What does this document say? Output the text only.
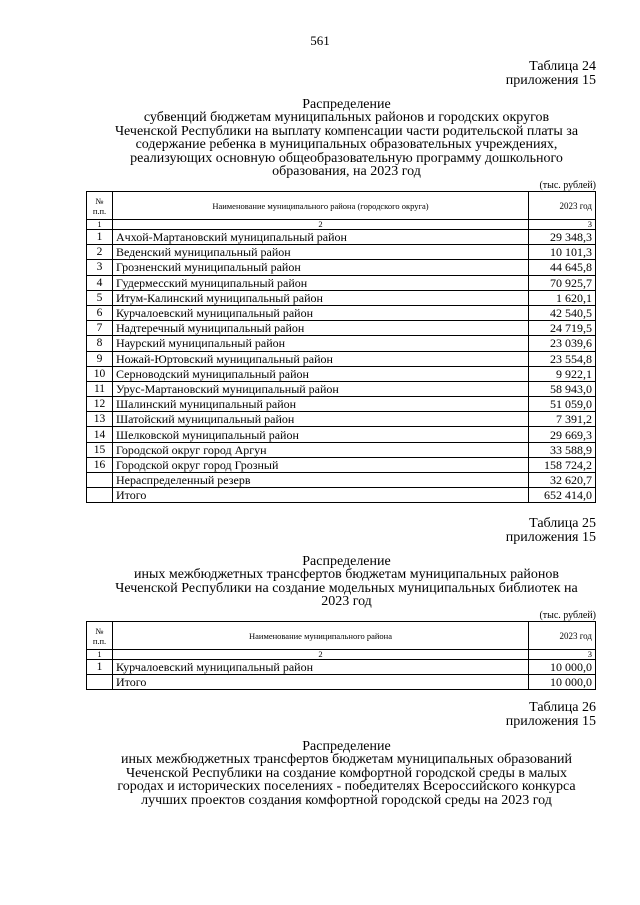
561
Таблица 24
приложения 15
Распределение
субвенций бюджетам муниципальных районов и городских округов
Чеченской Республики на выплату компенсации части родительской платы за
содержание ребенка в муниципальных образовательных учреждениях,
реализующих основную общеобразовательную программу дошкольного
образования, на 2023 год
(тыс. рублей)
№
п.п.	Наименование муниципального района (городского округа)	2023 год
1	2	3
1	Ачхой-Мартановский муниципальный район	29 348,3
2	Веденский муниципальный район	10 101,3
3	Грозненский муниципальный район	44 645,8
4	Гудермесский муниципальный район	70 925,7
5	Итум-Калинский муниципальный район	1 620,1
6	Курчалоевский муниципальный район	42 540,5
7	Надтеречный муниципальный район	24 719,5
8	Наурский муниципальный район	23 039,6
9	Ножай-Юртовский муниципальный район	23 554,8
10	Серноводский муниципальный район	9 922,1
11	Урус-Мартановский муниципальный район	58 943,0
12	Шалинский муниципальный район	51 059,0
13	Шатойский муниципальный район	7 391,2
14	Шелковской муниципальный район	29 669,3
15	Городской округ город Аргун	33 588,9
16	Городской округ город Грозный	158 724,2
	Нераспределенный резерв	32 620,7
	Итого	652 414,0
Таблица 25
приложения 15
Распределение
иных межбюджетных трансфертов бюджетам муниципальных районов
Чеченской Республики на создание модельных муниципальных библиотек на
2023 год
(тыс. рублей)
№
п.п.	Наименование муниципального района	2023 год
1	2	3
1	Курчалоевский муниципальный район	10 000,0
	Итого	10 000,0
Таблица 26
приложения 15
Распределение
иных межбюджетных трансфертов бюджетам муниципальных образований
Чеченской Республики на создание комфортной городской среды в малых
городах и исторических поселениях - победителях Всероссийского конкурса
лучших проектов создания комфортной городской среды на 2023 год
